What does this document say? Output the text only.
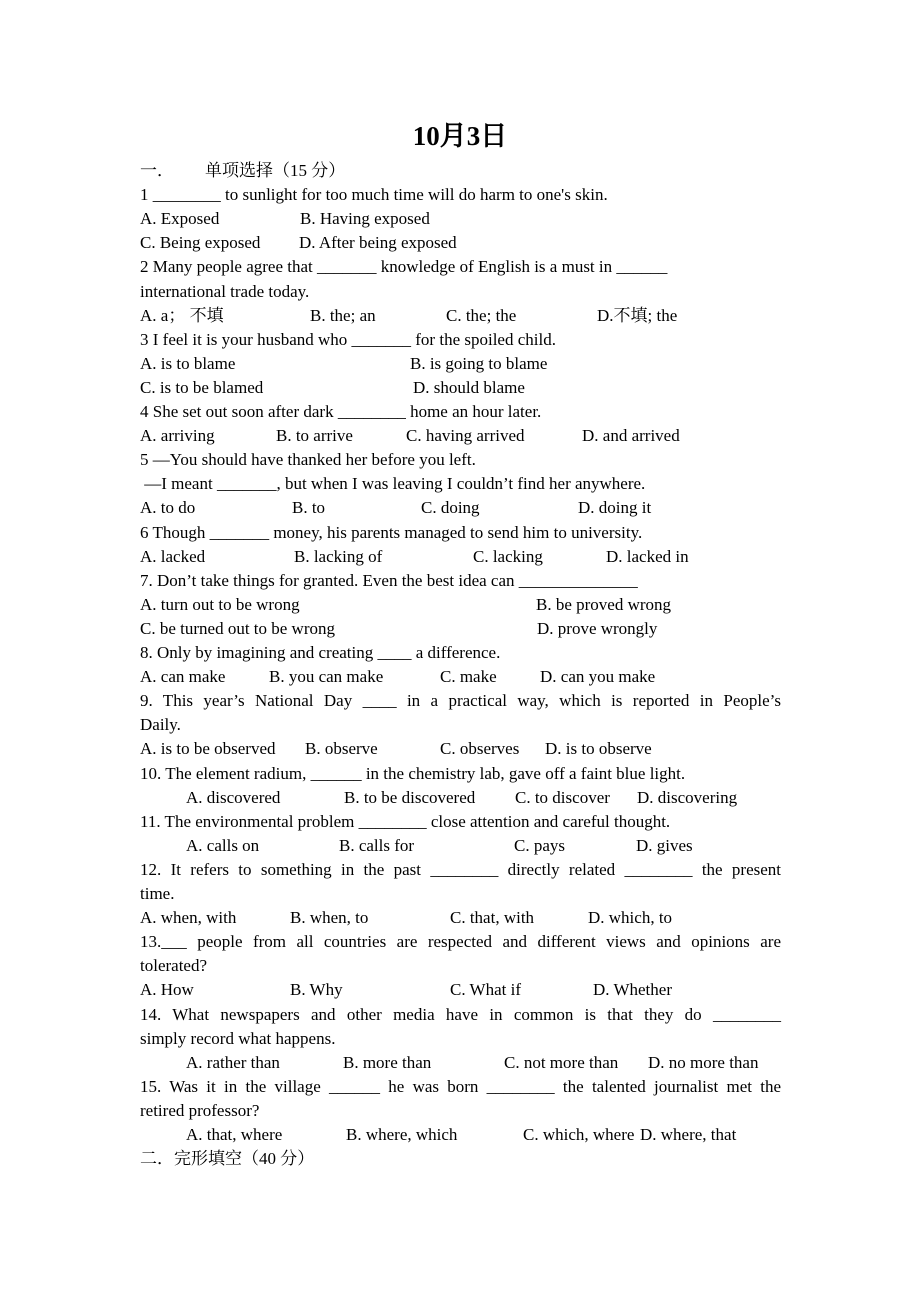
10月3日
一． 单项选择（15 分）
1 ________ to sunlight for too much time will do harm to one's skin.
A. Exposed	B. Having exposed
C. Being exposed D. After being exposed
2 Many people agree that _______ knowledge of English is a must in ______
international trade today.
A. a； 不填	B. the; an	C. the; the	D.不填; the
3 I feel it is your husband who _______ for the spoiled child.
A. is to blame	B. is going to blame
C. is to be blamed	D. should blame
4 She set out soon after dark ________ home an hour later.
A. arriving	B. to arrive	C. having arrived	D. and arrived
5 —You should have thanked her before you left.
—I meant _______, but when I was leaving I couldn’t find her anywhere.
A. to do	B. to	C. doing	D. doing it
6 Though _______ money, his parents managed to send him to university.
A. lacked	B. lacking of	C. lacking	D. lacked in
7. Don’t take things for granted. Even the best idea can ______________
A. turn out to be wrong	B. be proved wrong
C. be turned out to be wrong	D. prove wrongly
8. Only by imagining and creating ____ a difference.
A. can make	B. you can make	C. make	D. can you make
9. This year’s National Day ____ in a practical way, which is reported in People’s
Daily.
A. is to be observed B. observe	C. observes D. is to observe
10. The element radium, ______ in the chemistry lab, gave off a faint blue light.
A. discovered	B. to be discovered C. to discover D. discovering
11. The environmental problem ________ close attention and careful thought.
A. calls on	B. calls for	C. pays	D. gives
12. It refers to something in the past ________ directly related ________ the present
time.
A. when, with	B. when, to	C. that, with	D. which, to
13.___ people from all countries are respected and different views and opinions are
tolerated?
A. How	B. Why	C. What if	D. Whether
14. What newspapers and other media have in common is that they do ________
simply record what happens.
A. rather than	B. more than	C. not more than D. no more than
15. Was it in the village ______ he was born ________ the talented journalist met the
retired professor?
A. that, where	B. where, which	C. which, where D. where, that
二．完形填空（40 分）
